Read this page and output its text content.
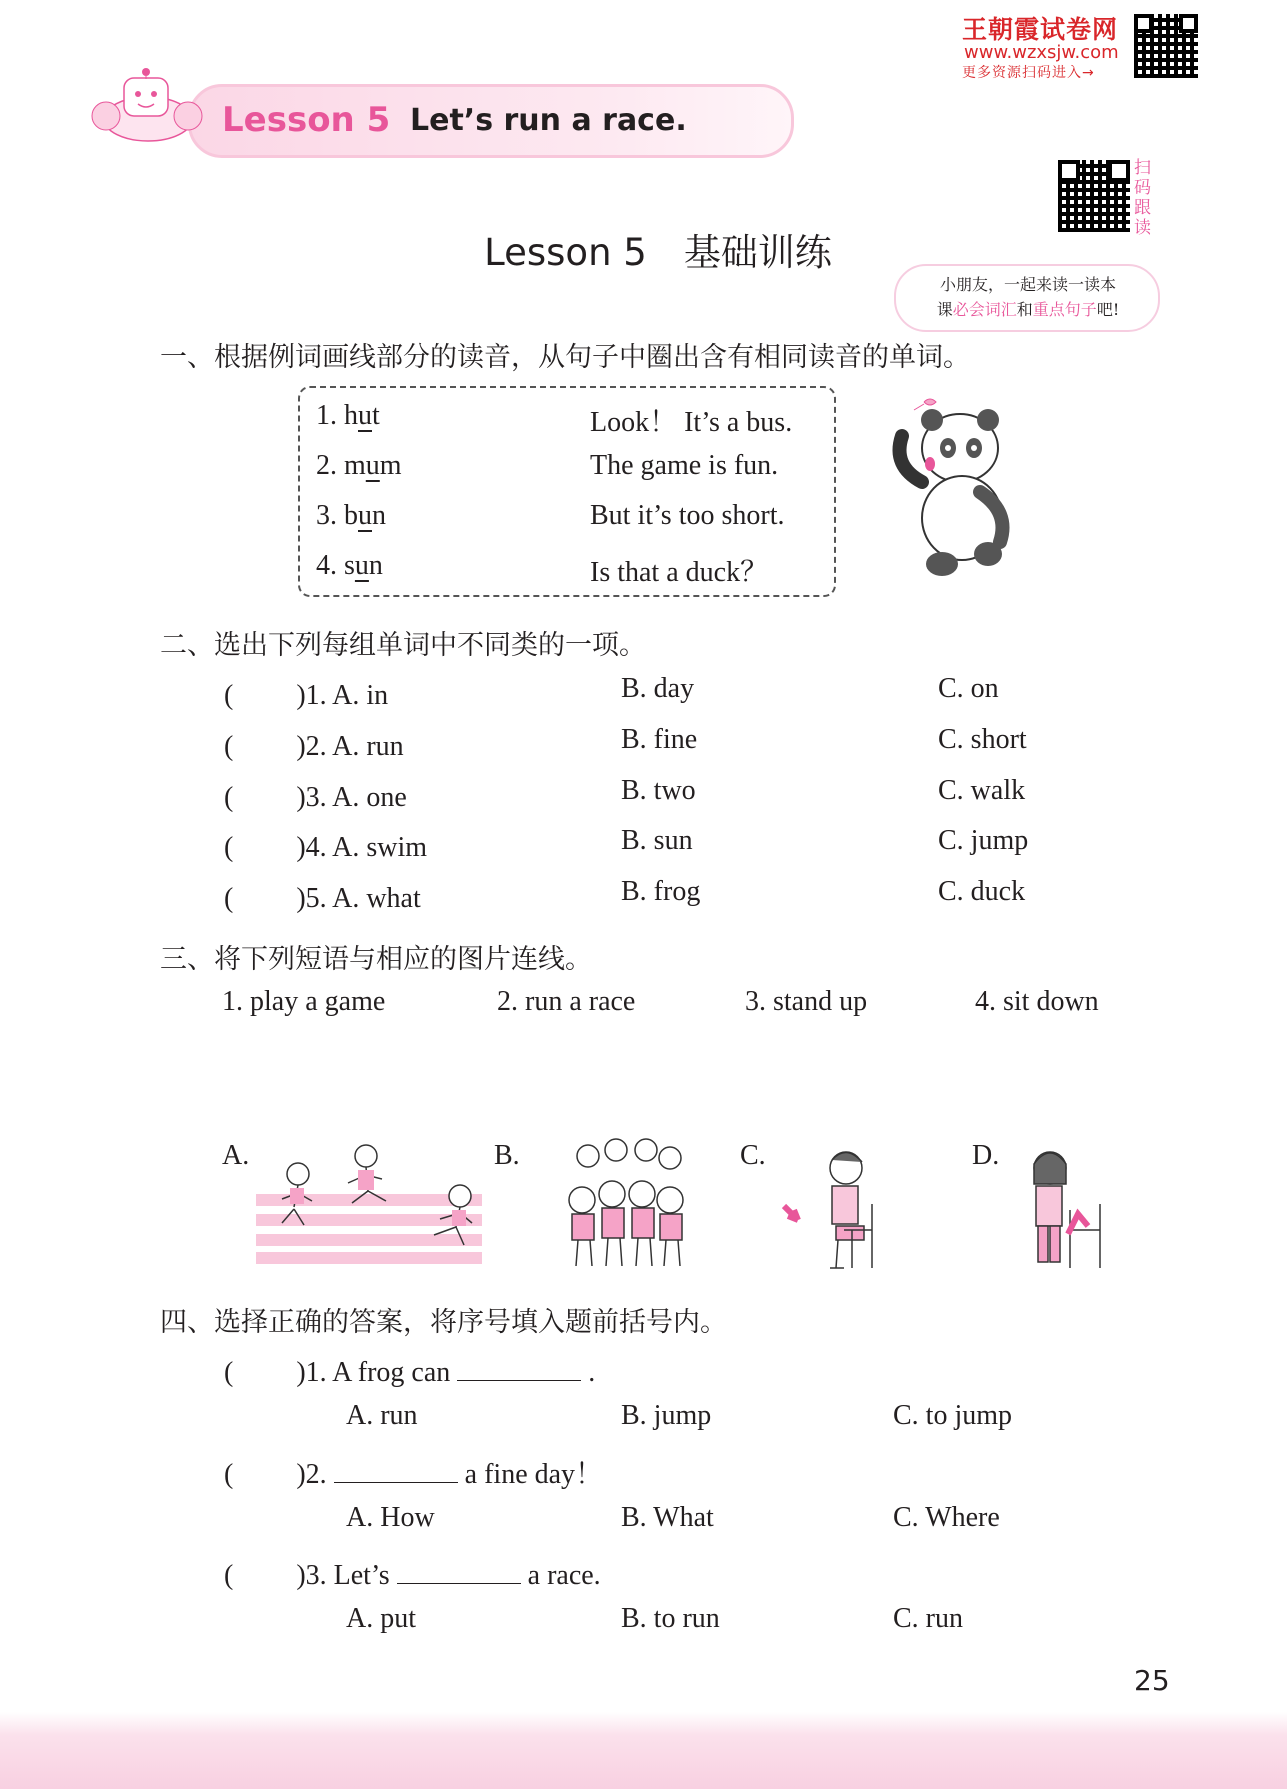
Lesson 5 Let’s run a race.
王朝霞试卷网
www.wzxsjw.com
更多资源扫码进入→
Lesson 5　基础训练
扫码跟读
小朋友，一起来读一读本
课必会词汇和重点句子吧!
一、根据例词画线部分的读音，从句子中圈出含有相同读音的单词。
1. hut	Look！ It’s a bus.
2. mum	The game is fun.
3. bun	But it’s too short.
4. sun	Is that a duck？
二、选出下列每组单词中不同类的一项。
(　　 )1. A. in	B. day	C. on
(　　 )2. A. run	B. fine	C. short
(　　 )3. A. one	B. two	C. walk
(　　 )4. A. swim	B. sun	C. jump
(　　 )5. A. what	B. frog	C. duck
三、将下列短语与相应的图片连线。
1. play a game	2. run a race	3. stand up	4. sit down
A.	B.	C.	D.
四、选择正确的答案，将序号填入题前括号内。
(　　 )1. A frog can	.
A. run	B. jump	C. to jump
(　　 )2.	a fine day！
A. How	B. What	C. Where
(　　 )3. Let’s	a race.
A. put	B. to run	C. run
25
